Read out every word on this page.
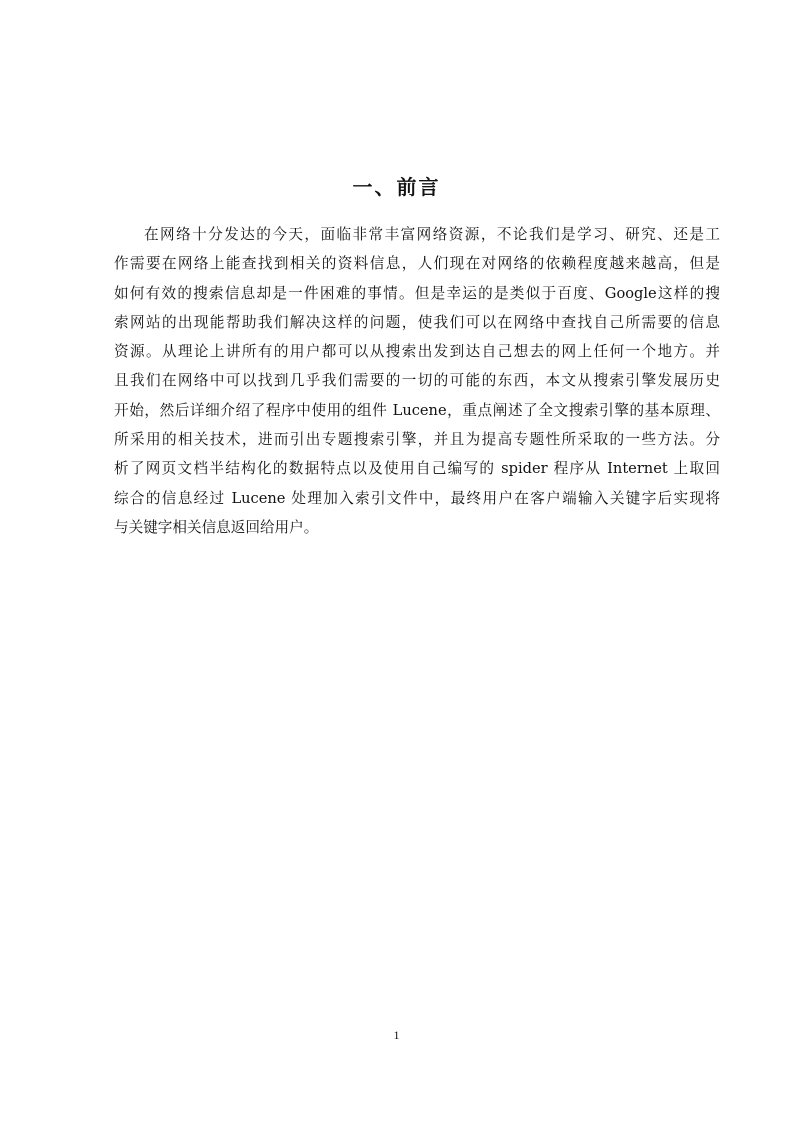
一、前言
在网络十分发达的今天，面临非常丰富网络资源，不论我们是学习、研究、还是工
作需要在网络上能查找到相关的资料信息，人们现在对网络的依赖程度越来越高，但是
如何有效的搜索信息却是一件困难的事情。但是幸运的是类似于百度、Google这样的搜
索网站的出现能帮助我们解决这样的问题，使我们可以在网络中查找自己所需要的信息
资源。从理论上讲所有的用户都可以从搜索出发到达自己想去的网上任何一个地方。并
且我们在网络中可以找到几乎我们需要的一切的可能的东西，本文从搜索引擎发展历史
开始，然后详细介绍了程序中使用的组件 Lucene，重点阐述了全文搜索引擎的基本原理、
所采用的相关技术，进而引出专题搜索引擎，并且为提高专题性所采取的一些方法。分
析了网页文档半结构化的数据特点以及使用自己编写的 spider 程序从 Internet 上取回
综合的信息经过 Lucene 处理加入索引文件中，最终用户在客户端输入关键字后实现将
与关键字相关信息返回给用户。
1
